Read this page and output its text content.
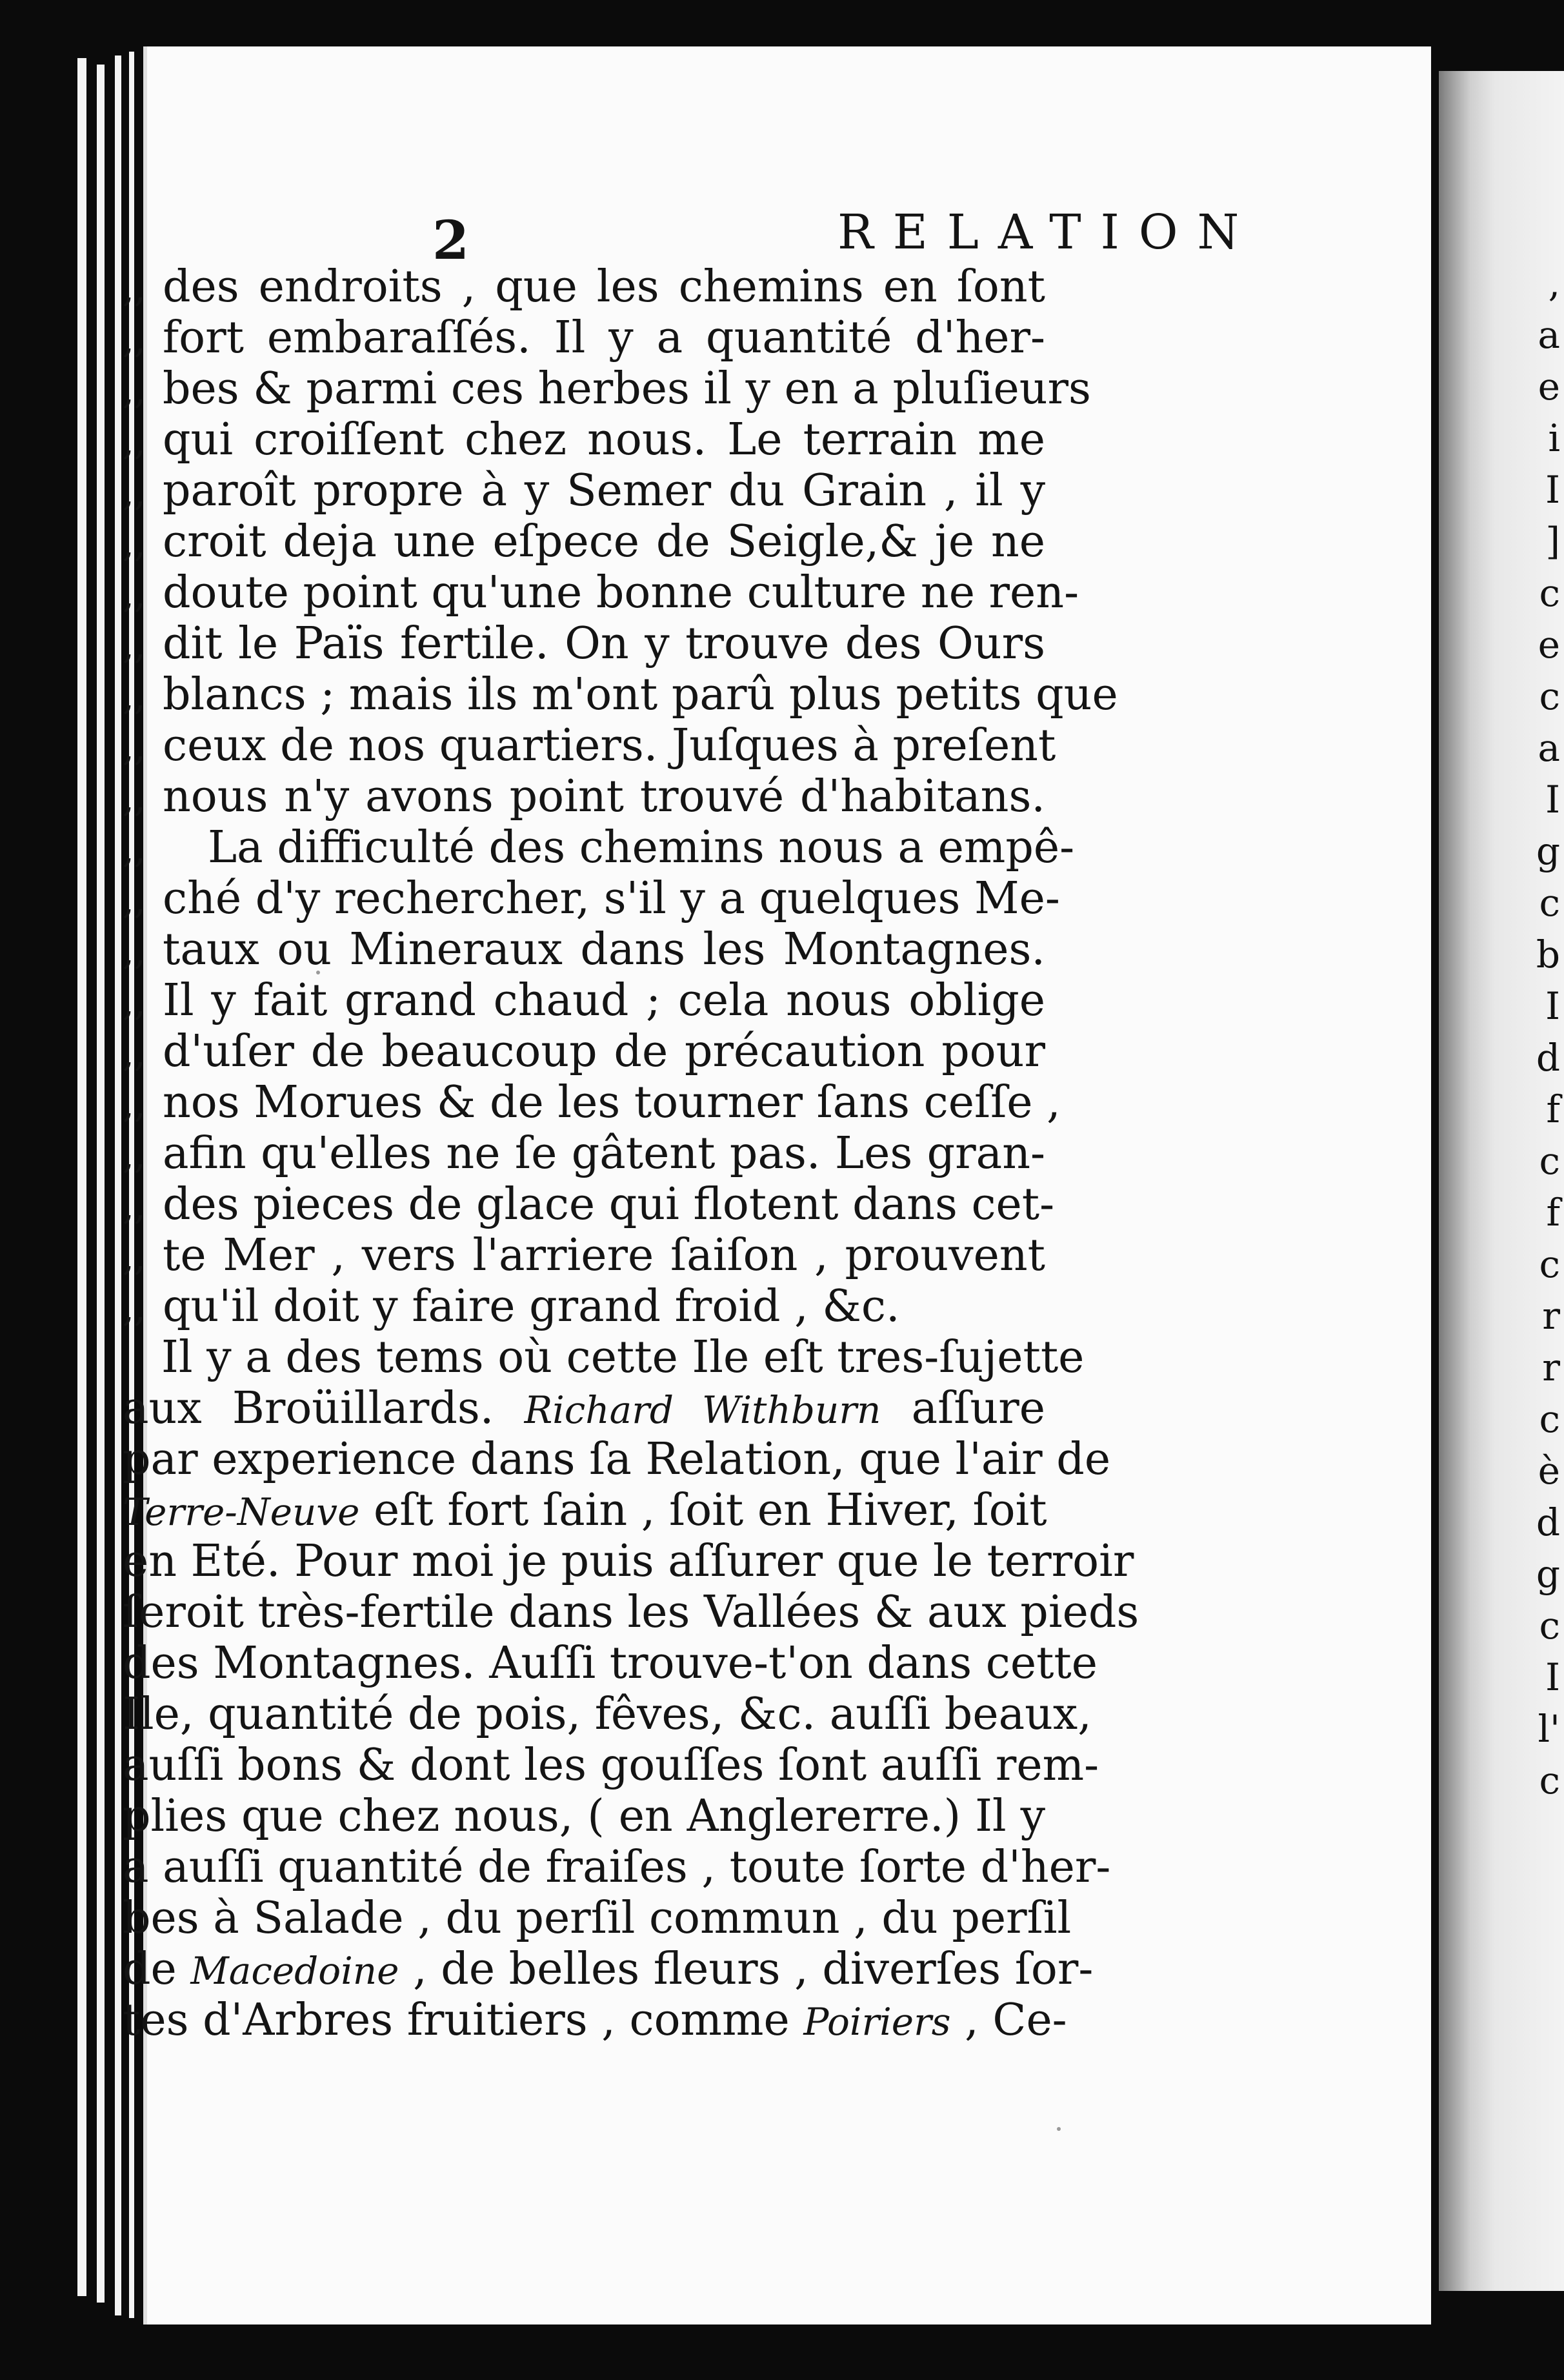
,
a
e
i
I
]
c
e
c
a
I
g
c
b
I
d
f
c
f
c
r
r
c
è
d
g
c
I
l'
c
2	RELATION
,, des endroits , que les chemins en ſont
,, fort embaraſſés. Il y a quantité d'her-
,, bes & parmi ces herbes il y en a pluſieurs
,, qui croiſſent chez nous. Le terrain me
,, paroît propre à y Semer du Grain , il y
,, croit deja une eſpece de Seigle,& je ne
,, doute point qu'une bonne culture ne ren-
,, dit le Païs fertile. On y trouve des Ours
,, blancs ; mais ils m'ont parû plus petits que
,, ceux de nos quartiers. Juſques à preſent
,, nous n'y avons point trouvé d'habitans.
,, La difficulté des chemins nous a empê-
,, ché d'y rechercher, s'il y a quelques Me-
,, taux ou Mineraux dans les Montagnes.
,, Il y fait grand chaud ; cela nous oblige
,, d'uſer de beaucoup de précaution pour
,, nos Morues & de les tourner ſans ceſſe ,
,, afin qu'elles ne ſe gâtent pas. Les gran-
,, des pieces de glace qui flotent dans cet-
,, te Mer , vers l'arriere ſaiſon , prouvent
,, qu'il doit y faire grand froid , &c.
Il y a des tems où cette Ile eſt tres-ſujette
aux Broüillards. Richard Withburn aſſure
par experience dans ſa Relation, que l'air de
Terre-Neuve eſt fort ſain , ſoit en Hiver, ſoit
en Eté. Pour moi je puis aſſurer que le terroir
ſeroit très-fertile dans les Vallées & aux pieds
des Montagnes. Auſſi trouve-t'on dans cette
Ile, quantité de pois, fêves, &c. auſſi beaux,
auſſi bons & dont les gouſſes ſont auſſi rem-
plies que chez nous, ( en Anglererre.) Il y
a auſſi quantité de fraiſes , toute ſorte d'her-
bes à Salade , du perſil commun , du perſil
de Macedoine , de belles fleurs , diverſes ſor-
tes d'Arbres fruitiers , comme Poiriers , Ce-
